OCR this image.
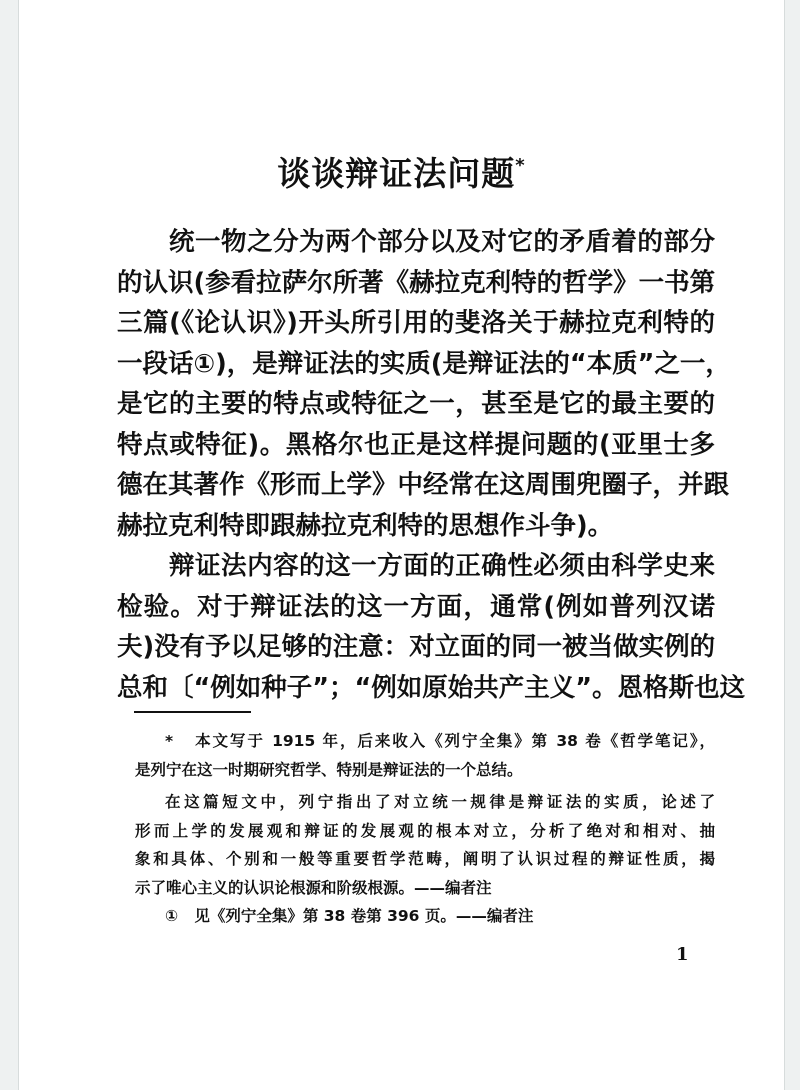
谈谈辩证法问题*
统一物之分为两个部分以及对它的矛盾着的部分
的认识(参看拉萨尔所著《赫拉克利特的哲学》一书第
三篇(《论认识》)开头所引用的斐洛关于赫拉克利特的
一段话①)，是辩证法的实质(是辩证法的“本质”之一，
是它的主要的特点或特征之一，甚至是它的最主要的
特点或特征)。黑格尔也正是这样提问题的(亚里士多
德在其著作《形而上学》中经常在这周围兜圈子，并跟
赫拉克利特即跟赫拉克利特的思想作斗争)。
辩证法内容的这一方面的正确性必须由科学史来
检验。对于辩证法的这一方面，通常(例如普列汉诺
夫)没有予以足够的注意：对立面的同一被当做实例的
总和〔“例如种子”；“例如原始共产主义”。恩格斯也这
* 本文写于 1915 年，后来收入《列宁全集》第 38 卷《哲学笔记》，
是列宁在这一时期研究哲学、特别是辩证法的一个总结。
在这篇短文中，列宁指出了对立统一规律是辩证法的实质，论述了
形而上学的发展观和辩证的发展观的根本对立，分析了绝对和相对、抽
象和具体、个别和一般等重要哲学范畴，阐明了认识过程的辩证性质，揭
示了唯心主义的认识论根源和阶级根源。——编者注
① 见《列宁全集》第 38 卷第 396 页。——编者注
1
